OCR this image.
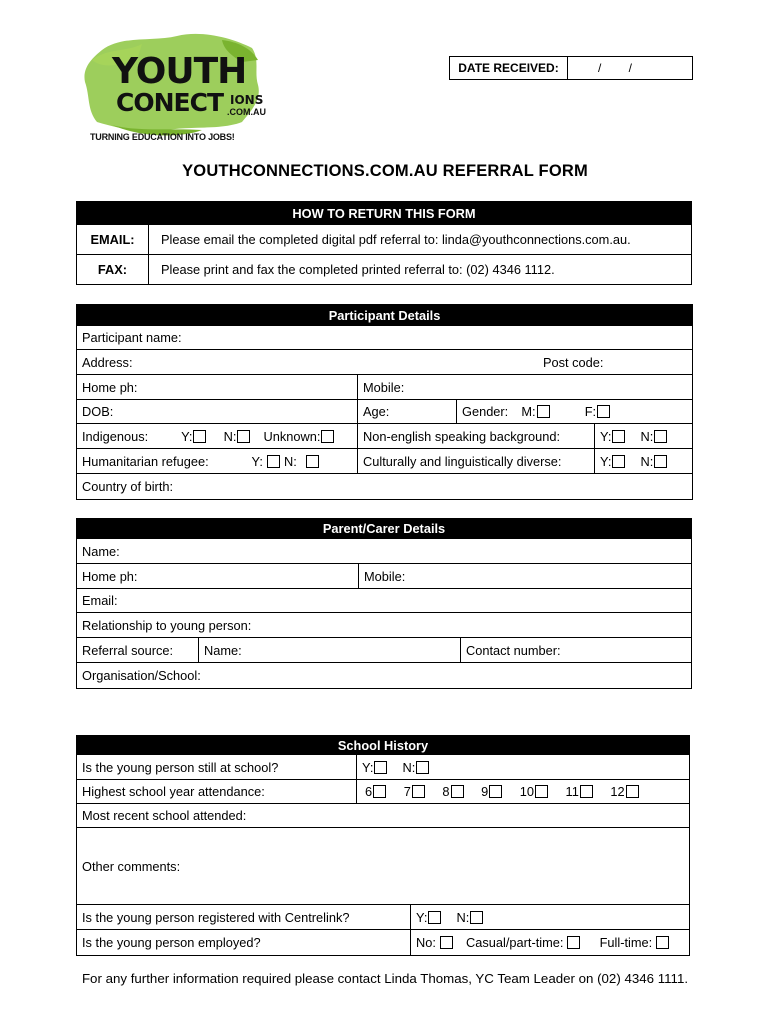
YOUTH
CONECT IONS
.COM.AU
TURNING EDUCATION INTO JOBS!
DATE RECEIVED:	/ /
YOUTHCONNECTIONS.COM.AU REFERRAL FORM
HOW TO RETURN THIS FORM	
EMAIL:	Please email the completed digital pdf referral to: linda@youthconnections.com.au.
FAX:	Please print and fax the completed printed referral to: (02) 4346 1112.
Participant Details			
Participant name:			
Address: Post code:			

Home ph:	Mobile:		
DOB:	Age:	Gender: M: F:	
Indigenous: Y: N: Unknown:	Non-english speaking background:		Y: N:
Humanitarian refugee: Y: N:	Culturally and linguistically diverse:		Y: N:
Country of birth:			
Parent/Carer Details			
Name:			
Home ph:		Mobile:	
Email:			
Relationship to young person:			
Referral source:	Name:		Contact number:
Organisation/School:			
School History		
Is the young person still at school?	Y: N:	
Highest school year attendance:	6 7 8 9 10 11 12	
Most recent school attended:		
Other comments:		
Is the young person registered with Centrelink?		Y: N:
Is the young person employed?		No: Casual/part-time: Full-time:
For any further information required please contact Linda Thomas, YC Team Leader on (02) 4346 1111.
